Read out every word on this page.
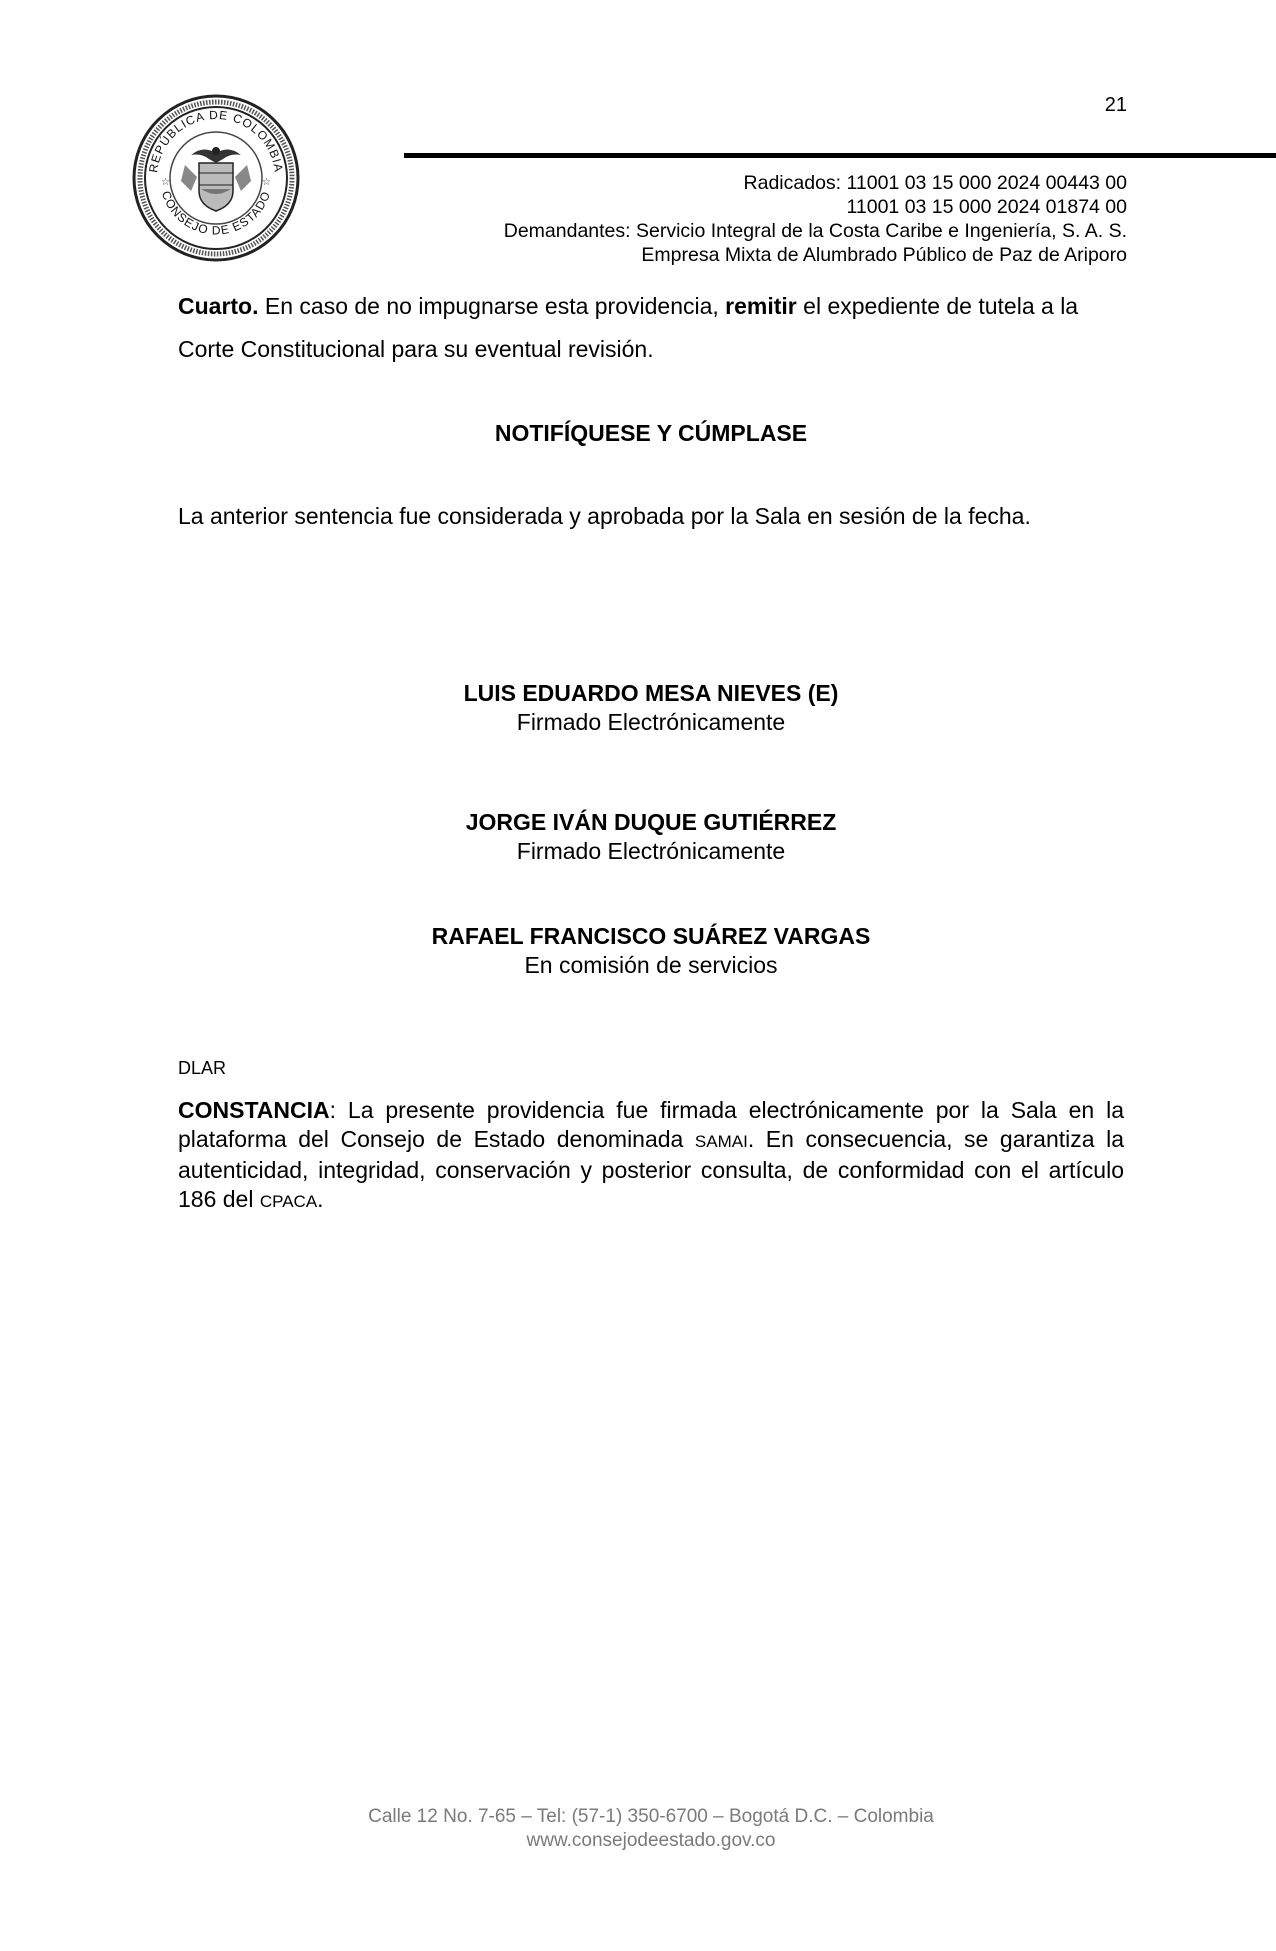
REPÚBLICA DE COLOMBIA
CONSEJO DE ESTADO
☆	☆
21
Radicados: 11001 03 15 000 2024 00443 00
11001 03 15 000 2024 01874 00
Demandantes: Servicio Integral de la Costa Caribe e Ingeniería, S. A. S.
Empresa Mixta de Alumbrado Público de Paz de Ariporo
Cuarto. En caso de no impugnarse esta providencia, remitir el expediente de tutela a la Corte Constitucional para su eventual revisión.
NOTIFÍQUESE Y CÚMPLASE
La anterior sentencia fue considerada y aprobada por la Sala en sesión de la fecha.
LUIS EDUARDO MESA NIEVES (E)
Firmado Electrónicamente
JORGE IVÁN DUQUE GUTIÉRREZ
Firmado Electrónicamente
RAFAEL FRANCISCO SUÁREZ VARGAS
En comisión de servicios
DLAR
CONSTANCIA: La presente providencia fue firmada electrónicamente por la Sala en la plataforma del Consejo de Estado denominada SAMAI. En consecuencia, se garantiza la autenticidad, integridad, conservación y posterior consulta, de conformidad con el artículo 186 del CPACA.
Calle 12 No. 7-65 – Tel: (57-1) 350-6700 – Bogotá D.C. – Colombia
www.consejodeestado.gov.co
